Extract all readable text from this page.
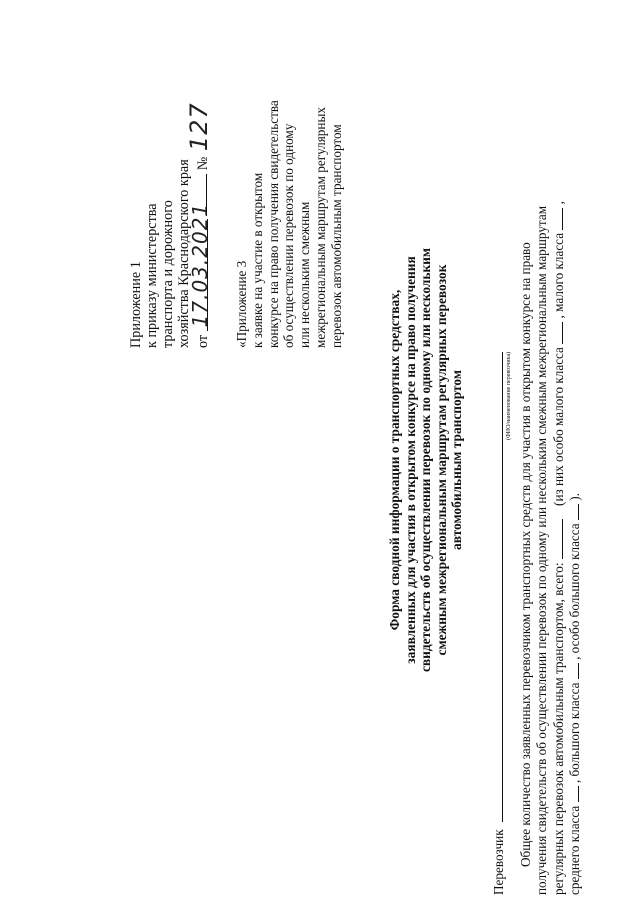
Приложение 1 к приказу министерства транспорта и дорожного хозяйства Краснодарского края от 17.03.2021  № 127
«Приложение 3 к заявке на участие в открытом конкурсе на право получения свидетельства об осуществлении перевозок по одному или нескольким смежным межрегиональным маршрутам регулярных перевозок автомобильным транспортом
Форма сводной информации о транспортных средствах, заявленных для участия в открытом конкурсе на право получения свидетельств об осуществлении перевозок по одному или нескольким смежным межрегиональным маршрутам регулярных перевозок автомобильным транспортом
Перевозчик
(ФИО/наименование перевозчика) Общее количество заявленных перевозчиком транспортных средств для участия в открытом конкурсе на право получения свидетельств об осуществлении перевозок по одному или нескольким смежным межрегиональным маршрутам регулярных перевозок автомобильным транспортом, всего:     (из них особо малого класса  , малого класса  ,
среднего класса  , большого класса  , особо большого класса  ).
